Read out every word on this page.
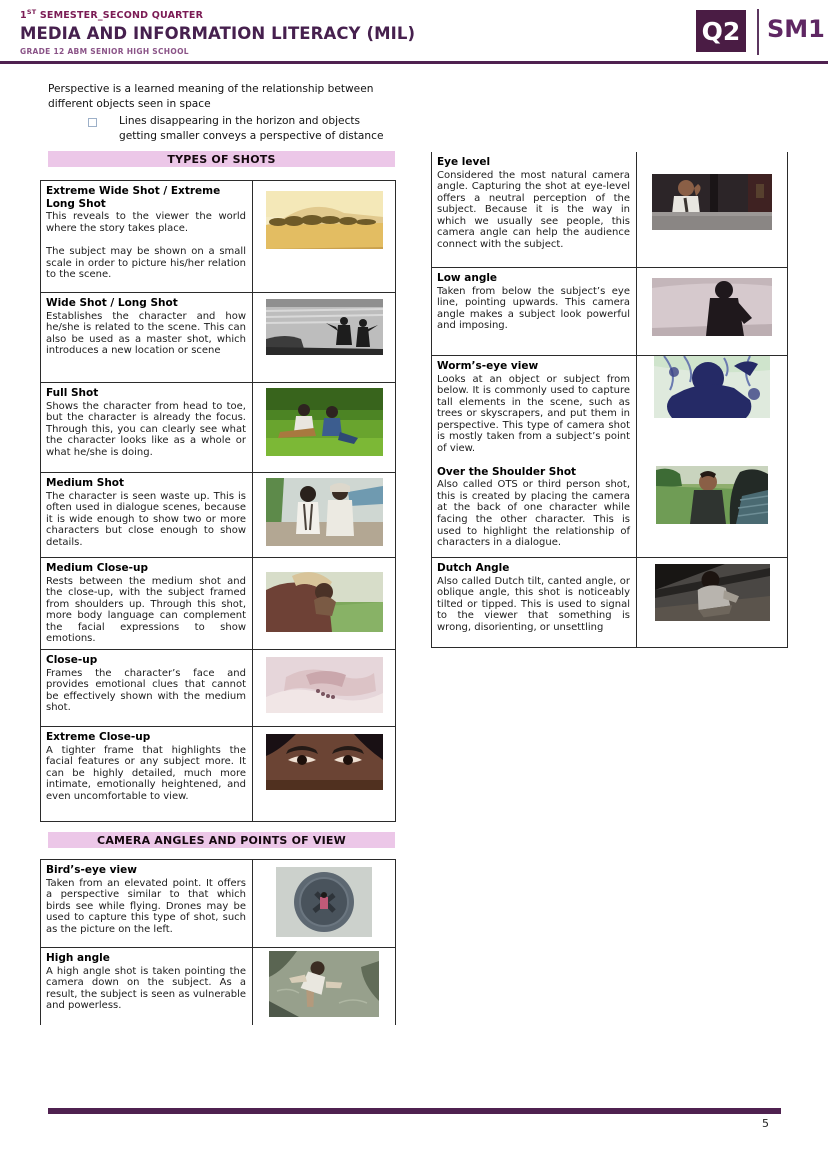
1ST SEMESTER_SECOND QUARTER
MEDIA AND INFORMATION LITERACY (MIL)
GRADE 12 ABM SENIOR HIGH SCHOOL
Q2 SM1
Perspective is a learned meaning of the relationship between different objects seen in space
Lines disappearing in the horizon and objects getting smaller conveys a perspective of distance
TYPES OF SHOTS
Extreme Wide Shot / Extreme Long Shot
This reveals to the viewer the world where the story takes place.
The subject may be shown on a small scale in order to picture his/her relation to the scene.
Wide Shot / Long Shot
Establishes the character and how he/she is related to the scene. This can also be used as a master shot, which introduces a new location or scene
Full Shot
Shows the character from head to toe, but the character is already the focus. Through this, you can clearly see what the character looks like as a whole or what he/she is doing.
Medium Shot
The character is seen waste up. This is often used in dialogue scenes, because it is wide enough to show two or more characters but close enough to show details.
Medium Close-up
Rests between the medium shot and the close-up, with the subject framed from shoulders up. Through this shot, more body language can complement the facial expressions to show emotions.
Close-up
Frames the character’s face and provides emotional clues that cannot be effectively shown with the medium shot.
Extreme Close-up
A tighter frame that highlights the facial features or any subject more. It can be highly detailed, much more intimate, emotionally heightened, and even uncomfortable to view.
CAMERA ANGLES AND POINTS OF VIEW
Bird’s-eye view
Taken from an elevated point. It offers a perspective similar to that which birds see while flying. Drones may be used to capture this type of shot, such as the picture on the left.
High angle
A high angle shot is taken pointing the camera down on the subject. As a result, the subject is seen as vulnerable and powerless.
Eye level
Considered the most natural camera angle. Capturing the shot at eye-level offers a neutral perception of the subject. Because it is the way in which we usually see people, this camera angle can help the audience connect with the subject.
Low angle
Taken from below the subject’s eye line, pointing upwards. This camera angle makes a subject look powerful and imposing.
Worm’s-eye view
Looks at an object or subject from below. It is commonly used to capture tall elements in the scene, such as trees or skyscrapers, and put them in perspective. This type of camera shot is mostly taken from a subject’s point of view.
Over the Shoulder Shot
Also called OTS or third person shot, this is created by placing the camera at the back of one character while facing the other character. This is used to highlight the relationship of characters in a dialogue.
Dutch Angle
Also called Dutch tilt, canted angle, or oblique angle, this shot is noticeably tilted or tipped. This is used to signal to the viewer that something is wrong, disorienting, or unsettling
5
